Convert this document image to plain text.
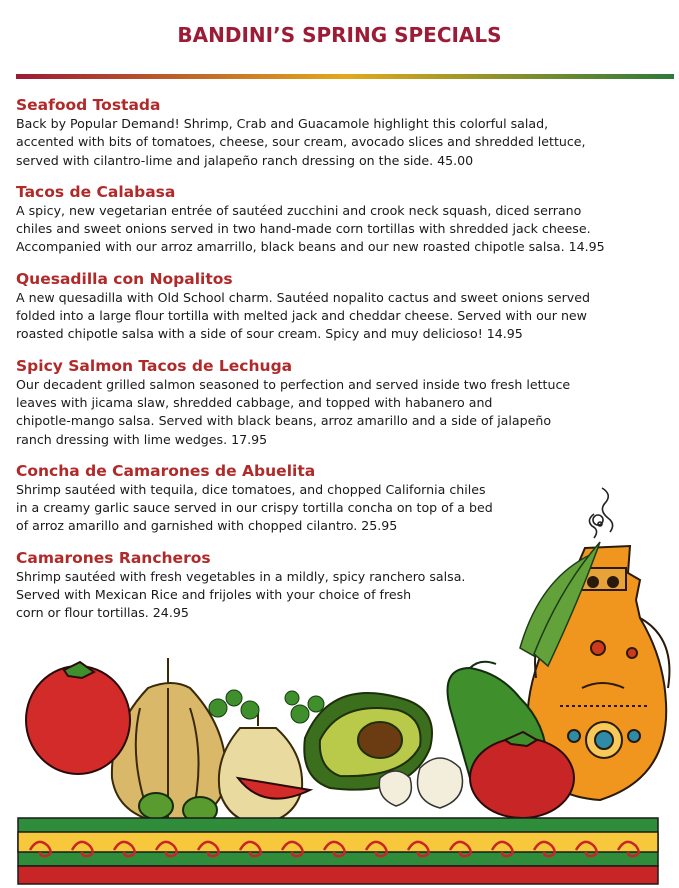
BANDINI’S SPRING SPECIALS
Seafood Tostada
Back by Popular Demand! Shrimp, Crab and Guacamole highlight this colorful salad,
accented with bits of tomatoes, cheese, sour cream, avocado slices and shredded lettuce,
served with cilantro-lime and jalapeño ranch dressing on the side. 45.00
Tacos de Calabasa
A spicy, new vegetarian entrée of sautéed zucchini and crook neck squash, diced serrano
chiles and sweet onions served in two hand-made corn tortillas with shredded jack cheese.
Accompanied with our arroz amarrillo, black beans and our new roasted chipotle salsa. 14.95
Quesadilla con Nopalitos
A new quesadilla with Old School charm. Sautéed nopalito cactus and sweet onions served
folded into a large flour tortilla with melted jack and cheddar cheese. Served with our new
roasted chipotle salsa with a side of sour cream. Spicy and muy delicioso! 14.95
Spicy Salmon Tacos de Lechuga
Our decadent grilled salmon seasoned to perfection and served inside two fresh lettuce
leaves with jicama slaw, shredded cabbage, and topped with habanero and
chipotle-mango salsa. Served with black beans, arroz amarillo and a side of jalapeño
ranch dressing with lime wedges. 17.95
Concha de Camarones de Abuelita
Shrimp sautéed with tequila, dice tomatoes, and chopped California chiles
in a creamy garlic sauce served in our crispy tortilla concha on top of a bed
of arroz amarillo and garnished with chopped cilantro. 25.95
Camarones Rancheros
Shrimp sautéed with fresh vegetables in a mildly, spicy ranchero salsa.
Served with Mexican Rice and frijoles with your choice of fresh
corn or flour tortillas. 24.95
